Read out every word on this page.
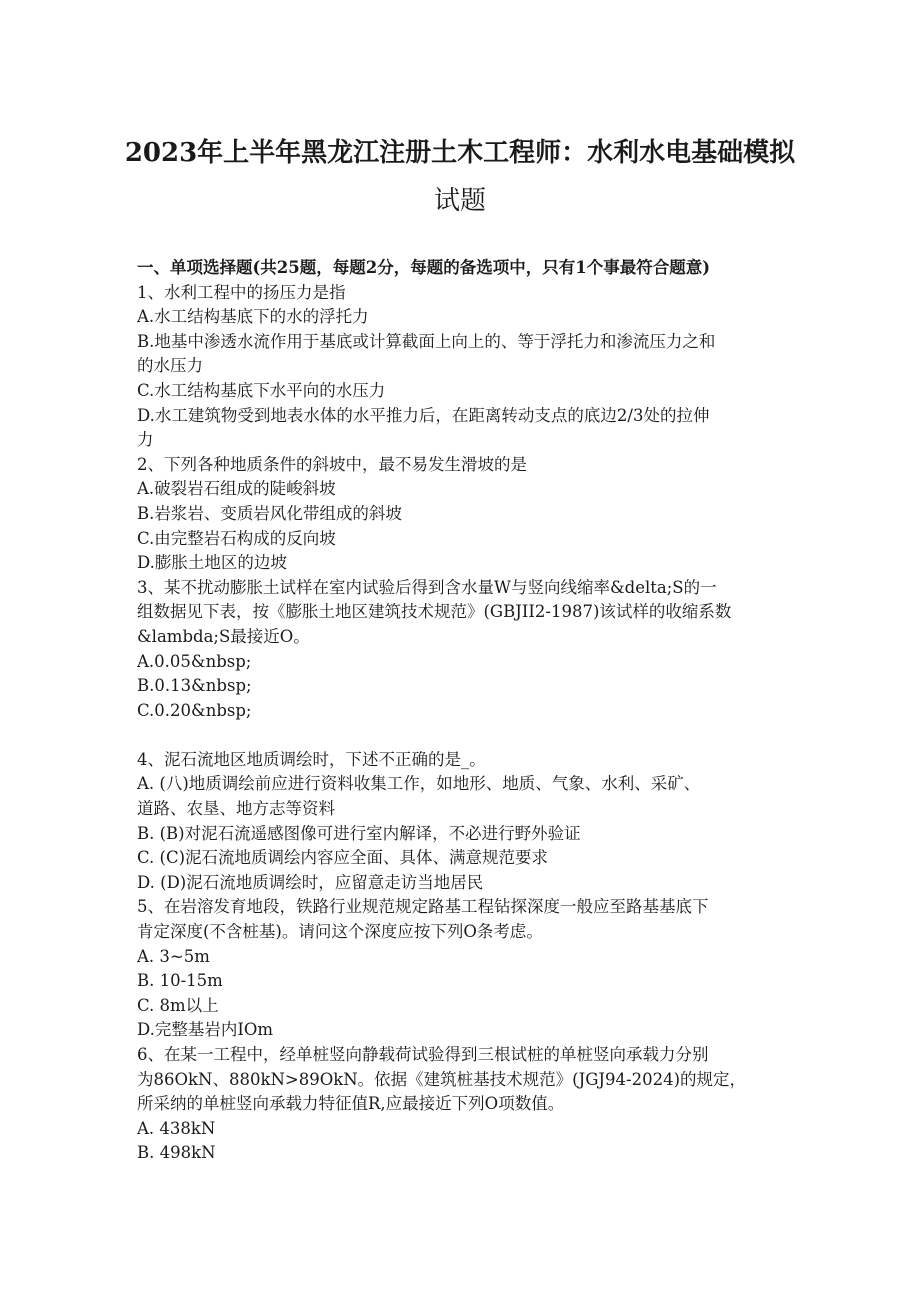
2023年上半年黑龙江注册土木工程师：水利水电基础模拟
试题
一、单项选择题(共25题，每题2分，每题的备选项中，只有1个事最符合题意)
1、水利工程中的扬压力是指
A.水工结构基底下的水的浮托力
B.地基中渗透水流作用于基底或计算截面上向上的、等于浮托力和渗流压力之和
的水压力
C.水工结构基底下水平向的水压力
D.水工建筑物受到地表水体的水平推力后，在距离转动支点的底边2/3处的拉伸
力
2、下列各种地质条件的斜坡中，最不易发生滑坡的是
A.破裂岩石组成的陡峻斜坡
B.岩浆岩、变质岩风化带组成的斜坡
C.由完整岩石构成的反向坡
D.膨胀土地区的边坡
3、某不扰动膨胀土试样在室内试验后得到含水量W与竖向线缩率&delta;S的一
组数据见下表，按《膨胀土地区建筑技术规范》(GBJII2-1987)该试样的收缩系数
&lambda;S最接近O。
A.0.05&nbsp;
B.0.13&nbsp;
C.0.20&nbsp;
4、泥石流地区地质调绘时，下述不正确的是_。
A. (八)地质调绘前应进行资料收集工作，如地形、地质、气象、水利、采矿、
道路、农垦、地方志等资料
B. (B)对泥石流遥感图像可进行室内解译，不必进行野外验证
C. (C)泥石流地质调绘内容应全面、具体、满意规范要求
D. (D)泥石流地质调绘时，应留意走访当地居民
5、在岩溶发育地段，铁路行业规范规定路基工程钻探深度一般应至路基基底下
肯定深度(不含桩基)。请问这个深度应按下列O条考虑。
A. 3~5m
B. 10-15m
C. 8m以上
D.完整基岩内IOm
6、在某一工程中，经单桩竖向静载荷试验得到三根试桩的单桩竖向承载力分别
为86OkN、880kN>89OkN。依据《建筑桩基技术规范》(JGJ94-2024)的规定，
所采纳的单桩竖向承载力特征值R,应最接近下列O项数值。
A. 438kN
B. 498kN
